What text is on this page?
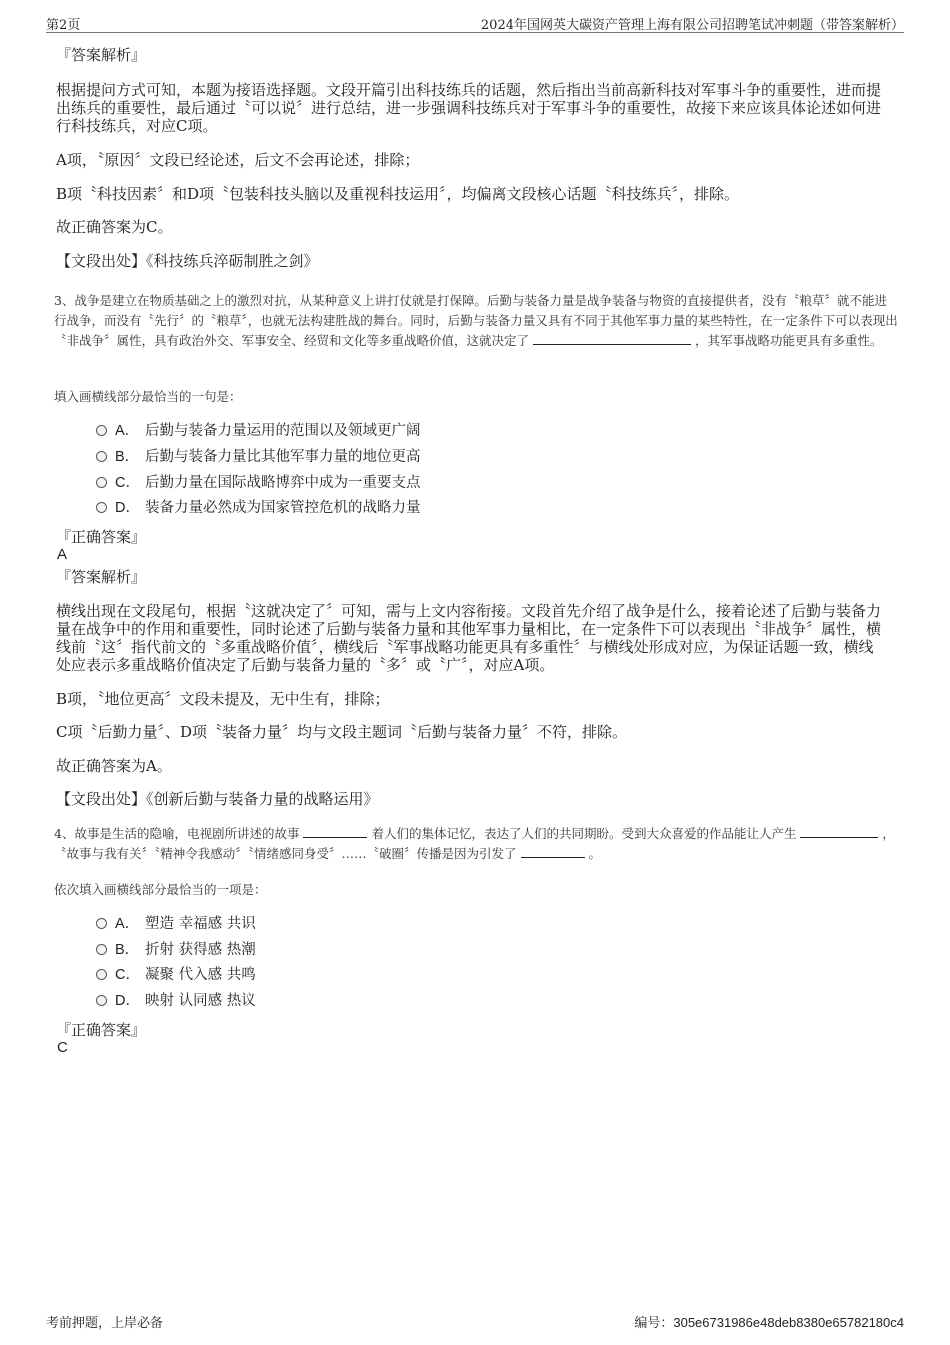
第2页	2024年国网英大碳资产管理上海有限公司招聘笔试冲刺题（带答案解析）
『答案解析』
根据提问方式可知，本题为接语选择题。文段开篇引出科技练兵的话题，然后指出当前高新科技对军事斗争的重要性，进而提出练兵的重要性，最后通过〝可以说〞进行总结，进一步强调科技练兵对于军事斗争的重要性，故接下来应该具体论述如何进行科技练兵，对应C项。
A项，〝原因〞文段已经论述，后文不会再论述，排除；
B项〝科技因素〞和D项〝包装科技头脑以及重视科技运用〞，均偏离文段核心话题〝科技练兵〞，排除。
故正确答案为C。
【文段出处】《科技练兵淬砺制胜之剑》
3、战争是建立在物质基础之上的激烈对抗，从某种意义上讲打仗就是打保障。后勤与装备力量是战争装备与物资的直接提供者，没有〝粮草〞就不能进行战争，而没有〝先行〞的〝粮草〞，也就无法构建胜战的舞台。同时，后勤与装备力量又具有不同于其他军事力量的某些特性，在一定条件下可以表现出〝非战争〞属性，具有政治外交、军事安全、经贸和文化等多重战略价值，这就决定了	，其军事战略功能更具有多重性。
填入画横线部分最恰当的一句是：
A． 后勤与装备力量运用的范围以及领域更广阔
B． 后勤与装备力量比其他军事力量的地位更高
C． 后勤力量在国际战略博弈中成为一重要支点
D． 装备力量必然成为国家管控危机的战略力量
『正确答案』
A
『答案解析』
横线出现在文段尾句，根据〝这就决定了〞可知，需与上文内容衔接。文段首先介绍了战争是什么，接着论述了后勤与装备力量在战争中的作用和重要性，同时论述了后勤与装备力量和其他军事力量相比，在一定条件下可以表现出〝非战争〞属性，横线前〝这〞指代前文的〝多重战略价值〞，横线后〝军事战略功能更具有多重性〞与横线处形成对应，为保证话题一致，横线处应表示多重战略价值决定了后勤与装备力量的〝多〞或〝广〞，对应A项。
B项，〝地位更高〞文段未提及，无中生有，排除；
C项〝后勤力量〞、D项〝装备力量〞均与文段主题词〝后勤与装备力量〞不符，排除。
故正确答案为A。
【文段出处】《创新后勤与装备力量的战略运用》
4、故事是生活的隐喻，电视剧所讲述的故事	着人们的集体记忆，表达了人们的共同期盼。受到大众喜爱的作品能让人产生	，〝故事与我有关〞〝精神令我感动〞〝情绪感同身受〞……〝破圈〞传播是因为引发了	。
依次填入画横线部分最恰当的一项是：
A． 塑造 幸福感 共识
B． 折射 获得感 热潮
C． 凝聚 代入感 共鸣
D． 映射 认同感 热议
『正确答案』
C
考前押题，上岸必备	编号：305e6731986e48deb8380e65782180c4
